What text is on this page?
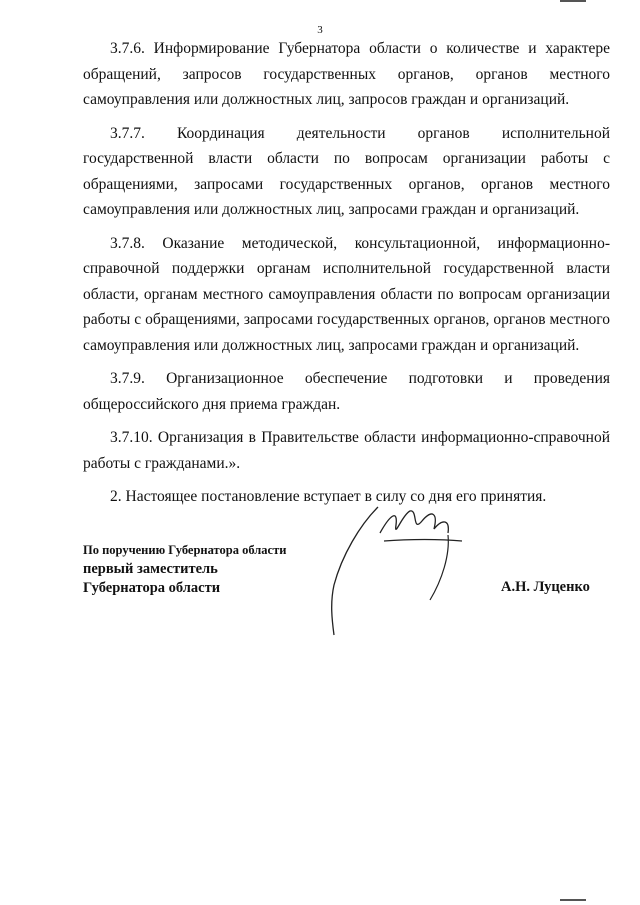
3

3.7.6. Информирование Губернатора области о количестве и характере обращений, запросов государственных органов, органов местного самоуправления или должностных лиц, запросов граждан и организаций.

3.7.7. Координация деятельности органов исполнительной государственной власти области по вопросам организации работы с обращениями, запросами государственных органов, органов местного самоуправления или должностных лиц, запросами граждан и организаций.

3.7.8. Оказание методической, консультационной, информационно-справочной поддержки органам исполнительной государственной власти области, органам местного самоуправления области по вопросам организации работы с обращениями, запросами государственных органов, органов местного самоуправления или должностных лиц, запросами граждан и организаций.

3.7.9. Организационное обеспечение подготовки и проведения общероссийского дня приема граждан.

3.7.10. Организация в Правительстве области информационно-справочной работы с гражданами.».

2. Настоящее постановление вступает в силу со дня его принятия.

По поручению Губернатора области
первый заместитель
Губернатора области	А.Н. Луценко
